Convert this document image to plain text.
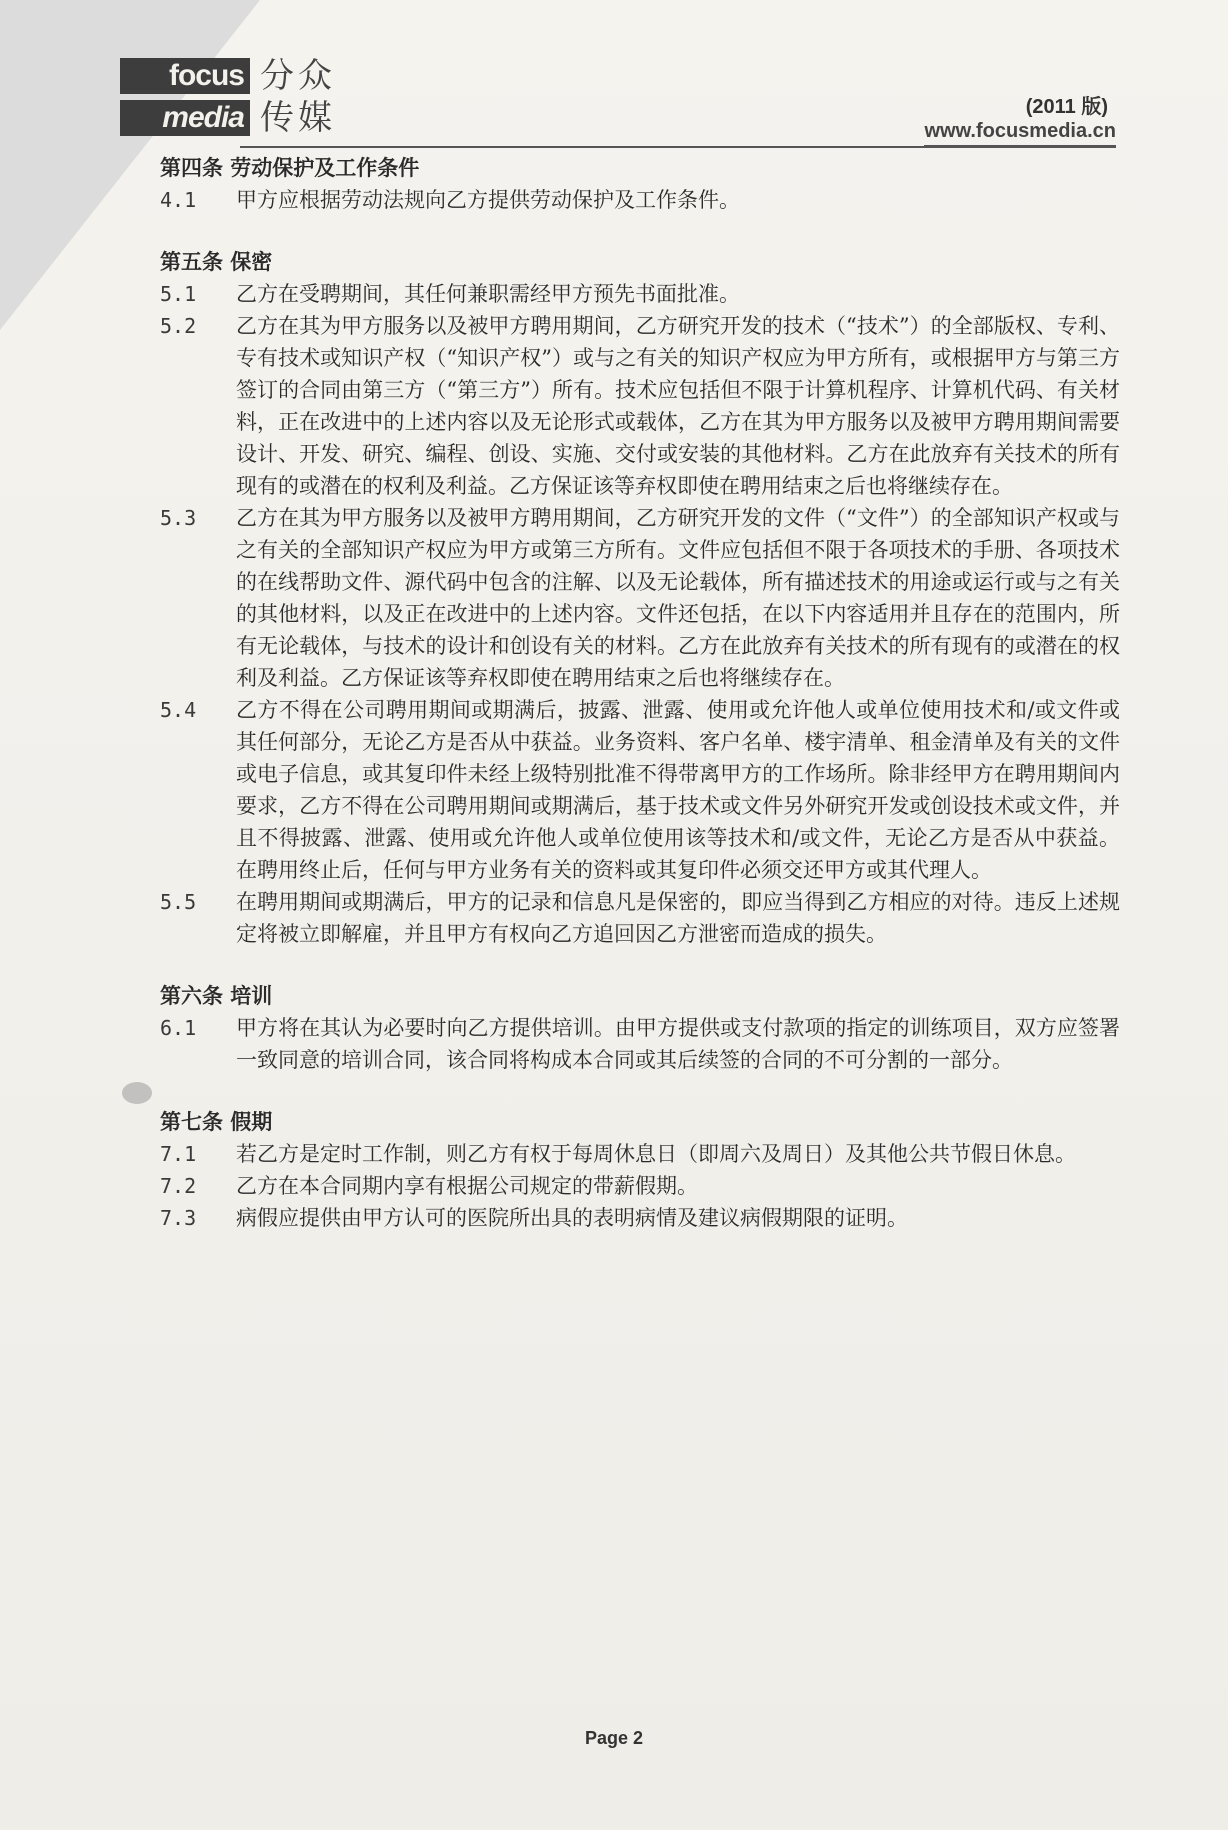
focus
media
分众
传媒	(2011 版)
www.focusmedia.cn
第四条 劳动保护及工作条件
4.1 甲方应根据劳动法规向乙方提供劳动保护及工作条件。
第五条 保密
5.1 乙方在受聘期间，其任何兼职需经甲方预先书面批准。
5.2 乙方在其为甲方服务以及被甲方聘用期间，乙方研究开发的技术（“技术”）的全部版权、专利、专有技术或知识产权（“知识产权”）或与之有关的知识产权应为甲方所有，或根据甲方与第三方签订的合同由第三方（“第三方”）所有。技术应包括但不限于计算机程序、计算机代码、有关材料，正在改进中的上述内容以及无论形式或载体，乙方在其为甲方服务以及被甲方聘用期间需要设计、开发、研究、编程、创设、实施、交付或安装的其他材料。乙方在此放弃有关技术的所有现有的或潜在的权利及利益。乙方保证该等弃权即使在聘用结束之后也将继续存在。
5.3 乙方在其为甲方服务以及被甲方聘用期间，乙方研究开发的文件（“文件”）的全部知识产权或与之有关的全部知识产权应为甲方或第三方所有。文件应包括但不限于各项技术的手册、各项技术的在线帮助文件、源代码中包含的注解、以及无论载体，所有描述技术的用途或运行或与之有关的其他材料，以及正在改进中的上述内容。文件还包括，在以下内容适用并且存在的范围内，所有无论载体，与技术的设计和创设有关的材料。乙方在此放弃有关技术的所有现有的或潜在的权利及利益。乙方保证该等弃权即使在聘用结束之后也将继续存在。
5.4 乙方不得在公司聘用期间或期满后，披露、泄露、使用或允许他人或单位使用技术和/或文件或其任何部分，无论乙方是否从中获益。业务资料、客户名单、楼宇清单、租金清单及有关的文件或电子信息，或其复印件未经上级特别批准不得带离甲方的工作场所。除非经甲方在聘用期间内要求，乙方不得在公司聘用期间或期满后，基于技术或文件另外研究开发或创设技术或文件，并且不得披露、泄露、使用或允许他人或单位使用该等技术和/或文件，无论乙方是否从中获益。在聘用终止后，任何与甲方业务有关的资料或其复印件必须交还甲方或其代理人。
5.5 在聘用期间或期满后，甲方的记录和信息凡是保密的，即应当得到乙方相应的对待。违反上述规定将被立即解雇，并且甲方有权向乙方追回因乙方泄密而造成的损失。
第六条 培训
6.1 甲方将在其认为必要时向乙方提供培训。由甲方提供或支付款项的指定的训练项目，双方应签署一致同意的培训合同，该合同将构成本合同或其后续签的合同的不可分割的一部分。
第七条 假期
7.1 若乙方是定时工作制，则乙方有权于每周休息日（即周六及周日）及其他公共节假日休息。
7.2 乙方在本合同期内享有根据公司规定的带薪假期。
7.3 病假应提供由甲方认可的医院所出具的表明病情及建议病假期限的证明。
Page 2
